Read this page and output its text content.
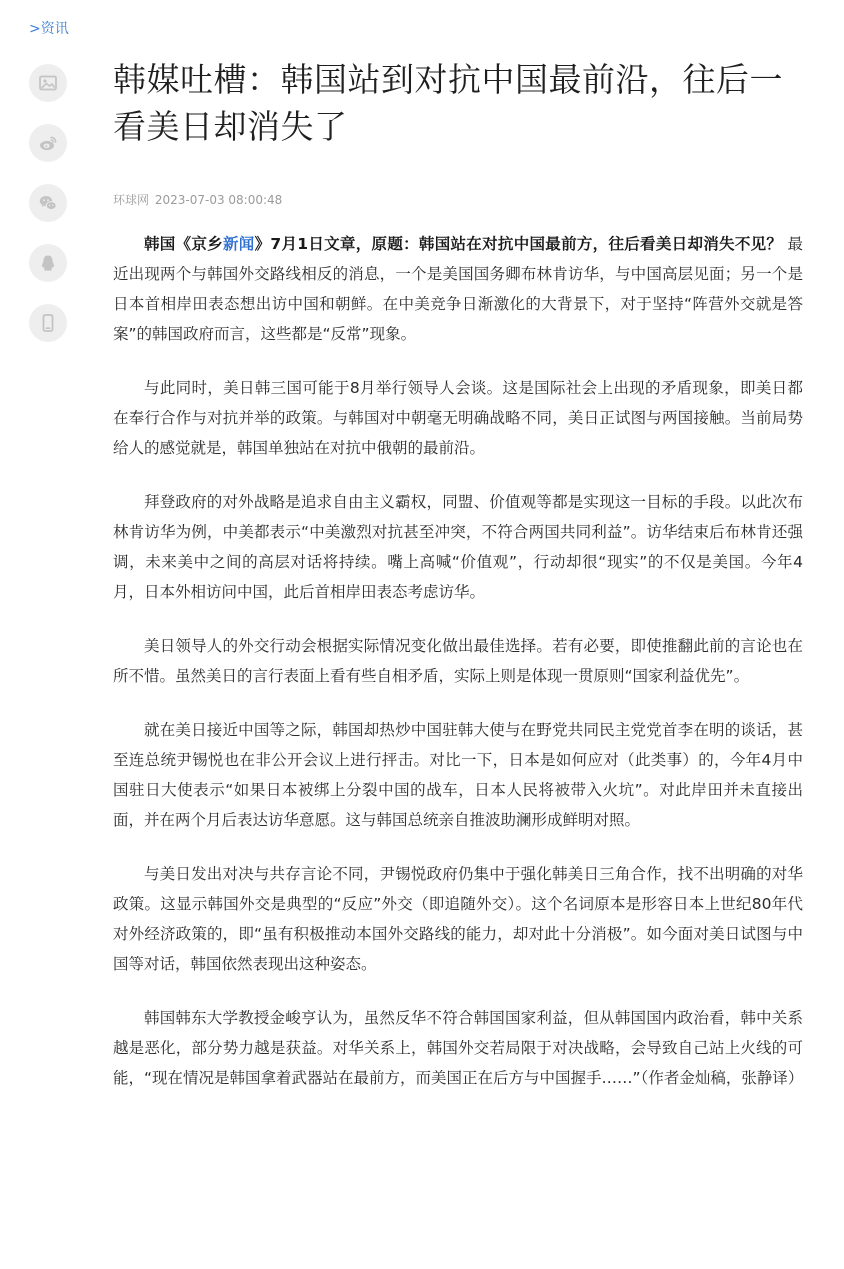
>资讯
韩媒吐槽：韩国站到对抗中国最前沿，往后一看美日却消失了
环球网 2023-07-03 08:00:48

韩国《京乡新闻》7月1日文章，原题：韩国站在对抗中国最前方，往后看美日却消失不见？ 最近出现两个与韩国外交路线相反的消息，一个是美国国务卿布林肯访华，与中国高层见面；另一个是日本首相岸田表态想出访中国和朝鲜。在中美竞争日渐激化的大背景下，对于坚持“阵营外交就是答案”的韩国政府而言，这些都是“反常”现象。

与此同时，美日韩三国可能于8月举行领导人会谈。这是国际社会上出现的矛盾现象，即美日都在奉行合作与对抗并举的政策。与韩国对中朝毫无明确战略不同，美日正试图与两国接触。当前局势给人的感觉就是，韩国单独站在对抗中俄朝的最前沿。

拜登政府的对外战略是追求自由主义霸权，同盟、价值观等都是实现这一目标的手段。以此次布林肯访华为例，中美都表示“中美激烈对抗甚至冲突，不符合两国共同利益”。访华结束后布林肯还强调，未来美中之间的高层对话将持续。嘴上高喊“价值观”，行动却很“现实”的不仅是美国。今年4月，日本外相访问中国，此后首相岸田表态考虑访华。

美日领导人的外交行动会根据实际情况变化做出最佳选择。若有必要，即使推翻此前的言论也在所不惜。虽然美日的言行表面上看有些自相矛盾，实际上则是体现一贯原则“国家利益优先”。

就在美日接近中国等之际，韩国却热炒中国驻韩大使与在野党共同民主党党首李在明的谈话，甚至连总统尹锡悦也在非公开会议上进行抨击。对比一下，日本是如何应对（此类事）的，今年4月中国驻日大使表示“如果日本被绑上分裂中国的战车，日本人民将被带入火坑”。对此岸田并未直接出面，并在两个月后表达访华意愿。这与韩国总统亲自推波助澜形成鲜明对照。

与美日发出对决与共存言论不同，尹锡悦政府仍集中于强化韩美日三角合作，找不出明确的对华政策。这显示韩国外交是典型的“反应”外交（即追随外交）。这个名词原本是形容日本上世纪80年代对外经济政策的，即“虽有积极推动本国外交路线的能力，却对此十分消极”。如今面对美日试图与中国等对话，韩国依然表现出这种姿态。

韩国韩东大学教授金峻亨认为，虽然反华不符合韩国国家利益，但从韩国国内政治看，韩中关系越是恶化，部分势力越是获益。对华关系上，韩国外交若局限于对决战略，会导致自己站上火线的可能，“现在情况是韩国拿着武器站在最前方，而美国正在后方与中国握手……”（作者金灿稿，张静译）
